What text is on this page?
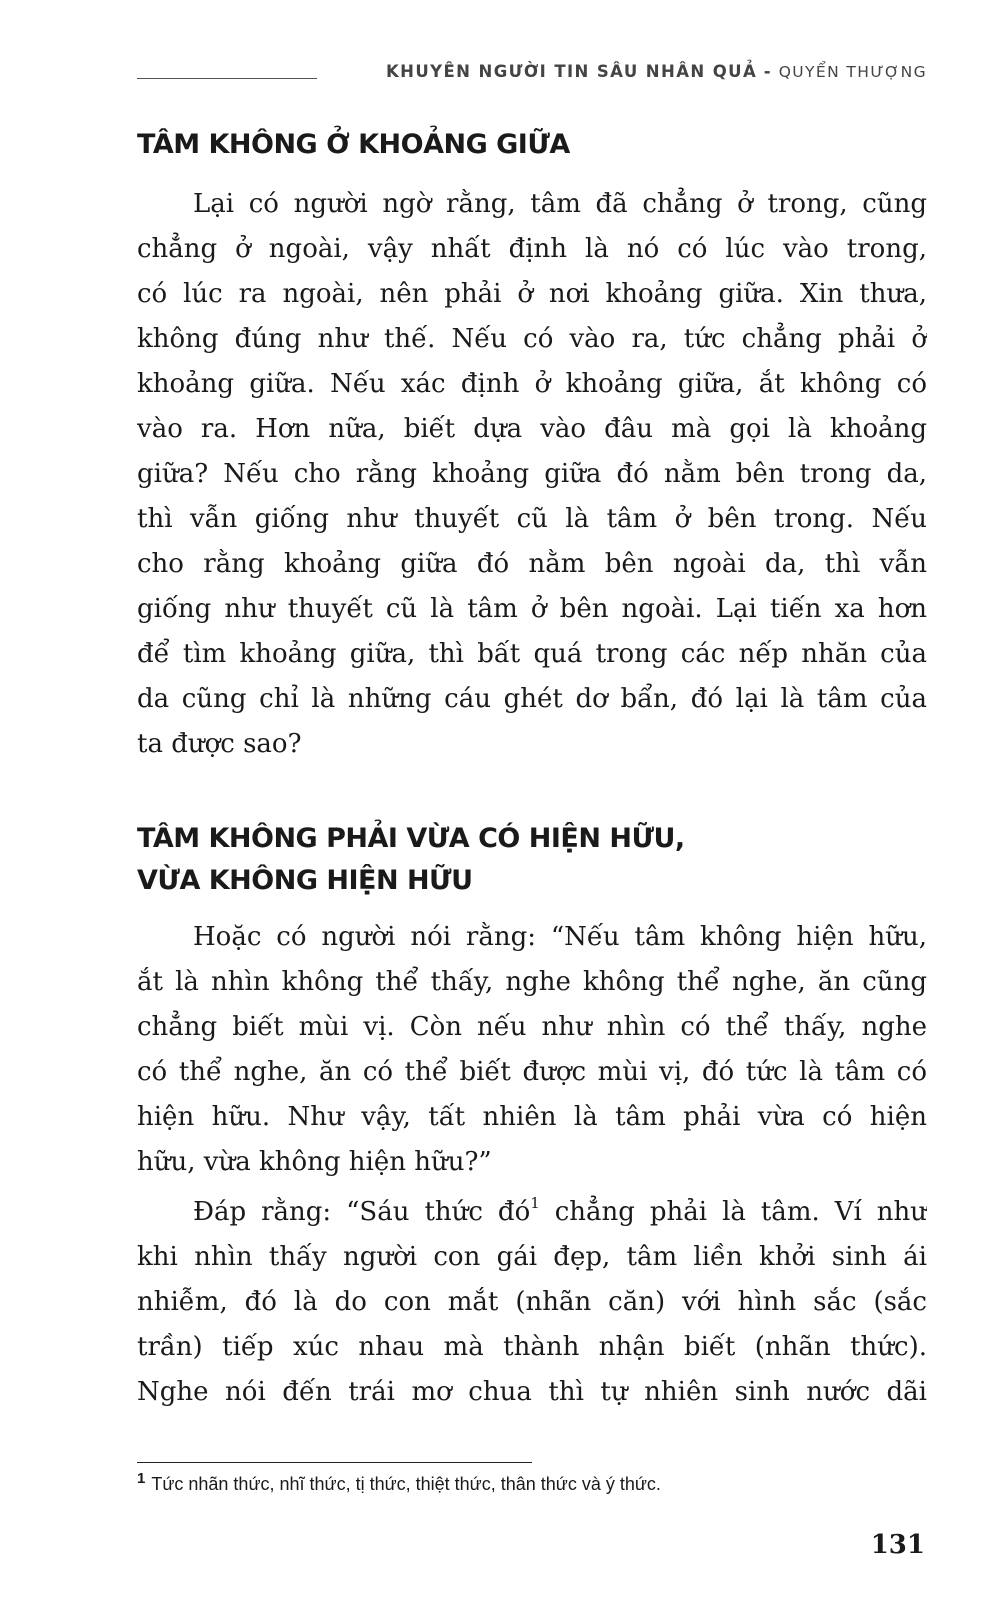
KHUYÊN NGƯỜI TIN SÂU NHÂN QUẢ - QUYỂN THƯỢNG
TÂM KHÔNG Ở KHOẢNG GIỮA
Lại có người ngờ rằng, tâm đã chẳng ở trong, cũng
chẳng ở ngoài, vậy nhất định là nó có lúc vào trong,
có lúc ra ngoài, nên phải ở nơi khoảng giữa. Xin thưa,
không đúng như thế. Nếu có vào ra, tức chẳng phải ở
khoảng giữa. Nếu xác định ở khoảng giữa, ắt không có
vào ra. Hơn nữa, biết dựa vào đâu mà gọi là khoảng
giữa? Nếu cho rằng khoảng giữa đó nằm bên trong da,
thì vẫn giống như thuyết cũ là tâm ở bên trong. Nếu
cho rằng khoảng giữa đó nằm bên ngoài da, thì vẫn
giống như thuyết cũ là tâm ở bên ngoài. Lại tiến xa hơn
để tìm khoảng giữa, thì bất quá trong các nếp nhăn của
da cũng chỉ là những cáu ghét dơ bẩn, đó lại là tâm của
ta được sao?
TÂM KHÔNG PHẢI VỪA CÓ HIỆN HỮU,
VỪA KHÔNG HIỆN HỮU
Hoặc có người nói rằng: “Nếu tâm không hiện hữu,
ắt là nhìn không thể thấy, nghe không thể nghe, ăn cũng
chẳng biết mùi vị. Còn nếu như nhìn có thể thấy, nghe
có thể nghe, ăn có thể biết được mùi vị, đó tức là tâm có
hiện hữu. Như vậy, tất nhiên là tâm phải vừa có hiện
hữu, vừa không hiện hữu?”
Đáp rằng: “Sáu thức đó$^1$ chẳng phải là tâm. Ví như
khi nhìn thấy người con gái đẹp, tâm liền khởi sinh ái
nhiễm, đó là do con mắt (nhãn căn) với hình sắc (sắc
trần) tiếp xúc nhau mà thành nhận biết (nhãn thức).
Nghe nói đến trái mơ chua thì tự nhiên sinh nước dãi
$^1$ Tức nhãn thức, nhĩ thức, tị thức, thiệt thức, thân thức và ý thức.
131
